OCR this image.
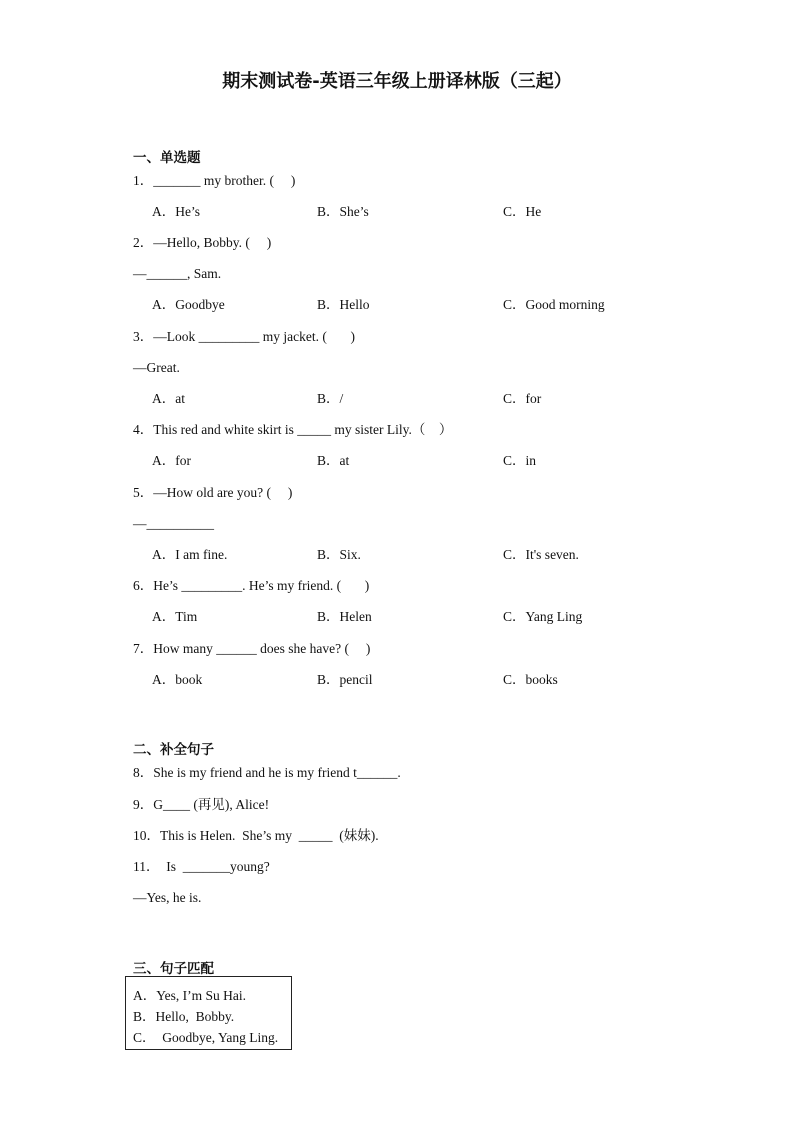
期末测试卷-英语三年级上册译林版（三起）
一、单选题
1．_______ my brother. (     )
A．He’s	B．She’s	C．He
2．—Hello, Bobby. (     )
—______, Sam.
A．Goodbye	B．Hello	C．Good morning
3．—Look _________ my jacket. (       )
—Great.
A．at	B．/	C．for
4．This red and white skirt is _____ my sister Lily.（    ）
A．for	B．at	C．in
5．—How old are you? (     )
—__________
A．I am fine.	B．Six.	C．It's seven.
6．He’s _________. He’s my friend. (       )
A．Tim	B．Helen	C．Yang Ling
7．How many ______ does she have? (     )
A．book	B．pencil	C．books
二、补全句子
8．She is my friend and he is my friend t______.
9．G____ (再见), Alice!
10．This is Helen.  She’s my  _____  (妹妹).
11．  Is  _______young?
—Yes, he is.
三、句子匹配
A．Yes, I’m Su Hai.
B．Hello,  Bobby.
C．  Goodbye, Yang Ling.
